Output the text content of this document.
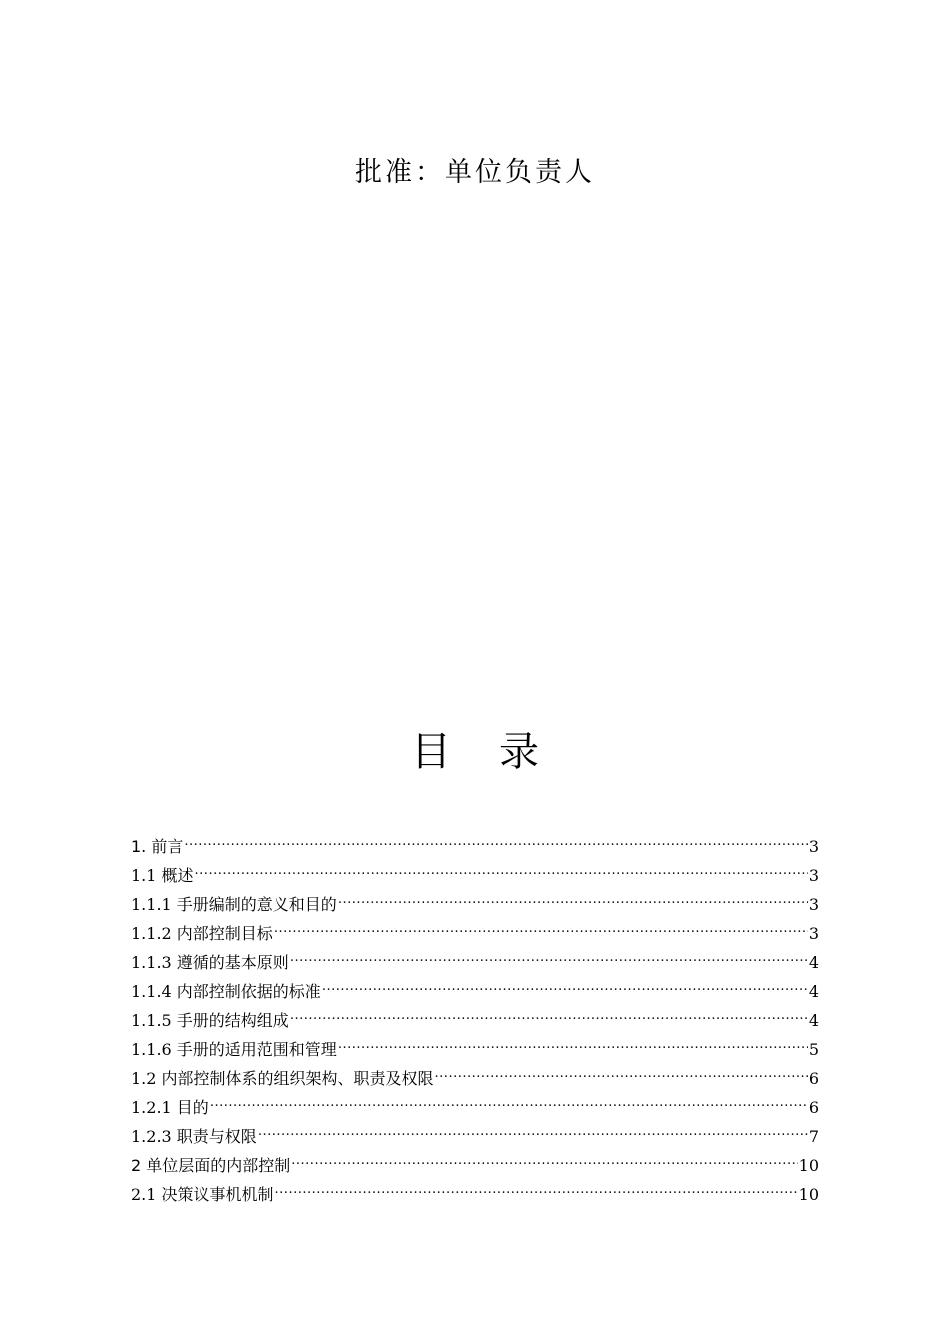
批准：单位负责人
目 录
1. 前言 .....	3
1.1 概述 .....	3
1.1.1 手册编制的意义和目的 .....	3
1.1.2 内部控制目标 .....	3
1.1.3 遵循的基本原则 .....	4
1.1.4 内部控制依据的标准 .....	4
1.1.5 手册的结构组成 .....	4
1.1.6 手册的适用范围和管理 .....	5
1.2 内部控制体系的组织架构、职责及权限 .....	6
1.2.1 目的 .....	6
1.2.3 职责与权限 .....	7
2 单位层面的内部控制 .....	10
2.1 决策议事机机制 .....	10
